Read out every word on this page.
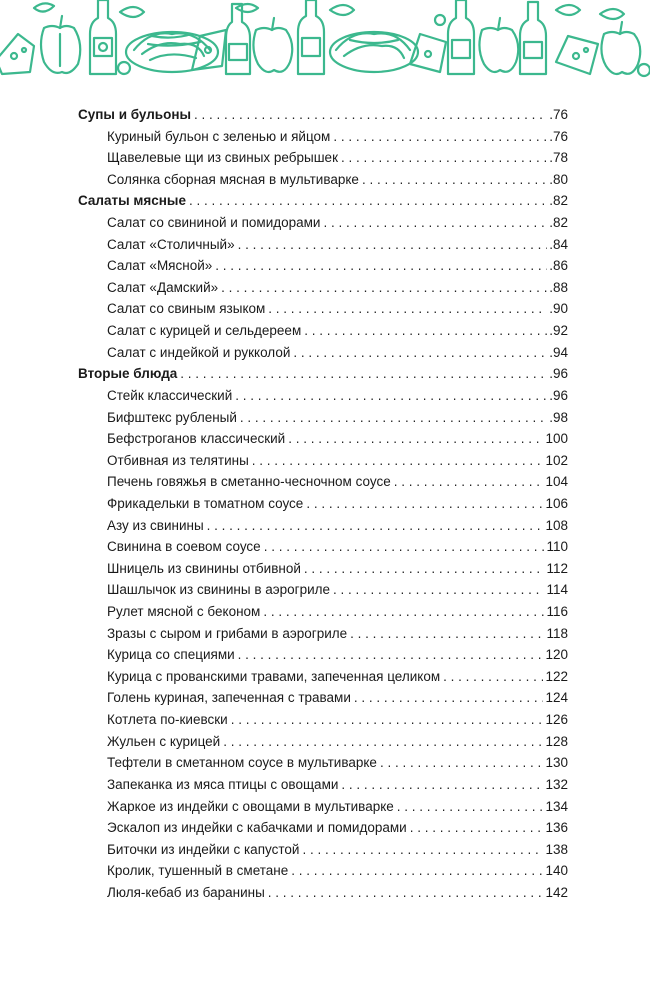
Супы и бульоны . . .	.76
Куриный бульон с зеленью и яйцом . . .	.76
Щавелевые щи из свиных ребрышек . . .	.78
Солянка сборная мясная в мультиварке . . .	.80
Салаты мясные . . .	.82
Салат со свининой и помидорами . . .	.82
Салат «Столичный» . . .	.84
Салат «Мясной» . . .	.86
Салат «Дамский» . . .	.88
Салат со свиным языком . . .	.90
Салат с курицей и сельдереем . . .	.92
Салат с индейкой и рукколой . . .	.94
Вторые блюда . . .	.96
Стейк классический . . .	.96
Бифштекс рубленый . . .	.98
Бефстроганов классический . . .	100
Отбивная из телятины . . .	102
Печень говяжья в сметанно-чесночном соусе . . .	104
Фрикадельки в томатном соусе . . .	106
Азу из свинины . . .	108
Свинина в соевом соусе . . .	110
Шницель из свинины отбивной . . .	112
Шашлычок из свинины в аэрогриле . . .	114
Рулет мясной с беконом . . .	116
Зразы с сыром и грибами в аэрогриле . . .	118
Курица со специями . . .	120
Курица с прованскими травами, запеченная целиком . . .	122
Голень куриная, запеченная с травами . . .	124
Котлета по-киевски . . .	126
Жульен с курицей . . .	128
Тефтели в сметанном соусе в мультиварке . . .	130
Запеканка из мяса птицы с овощами . . .	132
Жаркое из индейки с овощами в мультиварке . . .	134
Эскалоп из индейки с кабачками и помидорами . . .	136
Биточки из индейки с капустой . . .	138
Кролик, тушенный в сметане . . .	140
Люля-кебаб из баранины . . .	142
